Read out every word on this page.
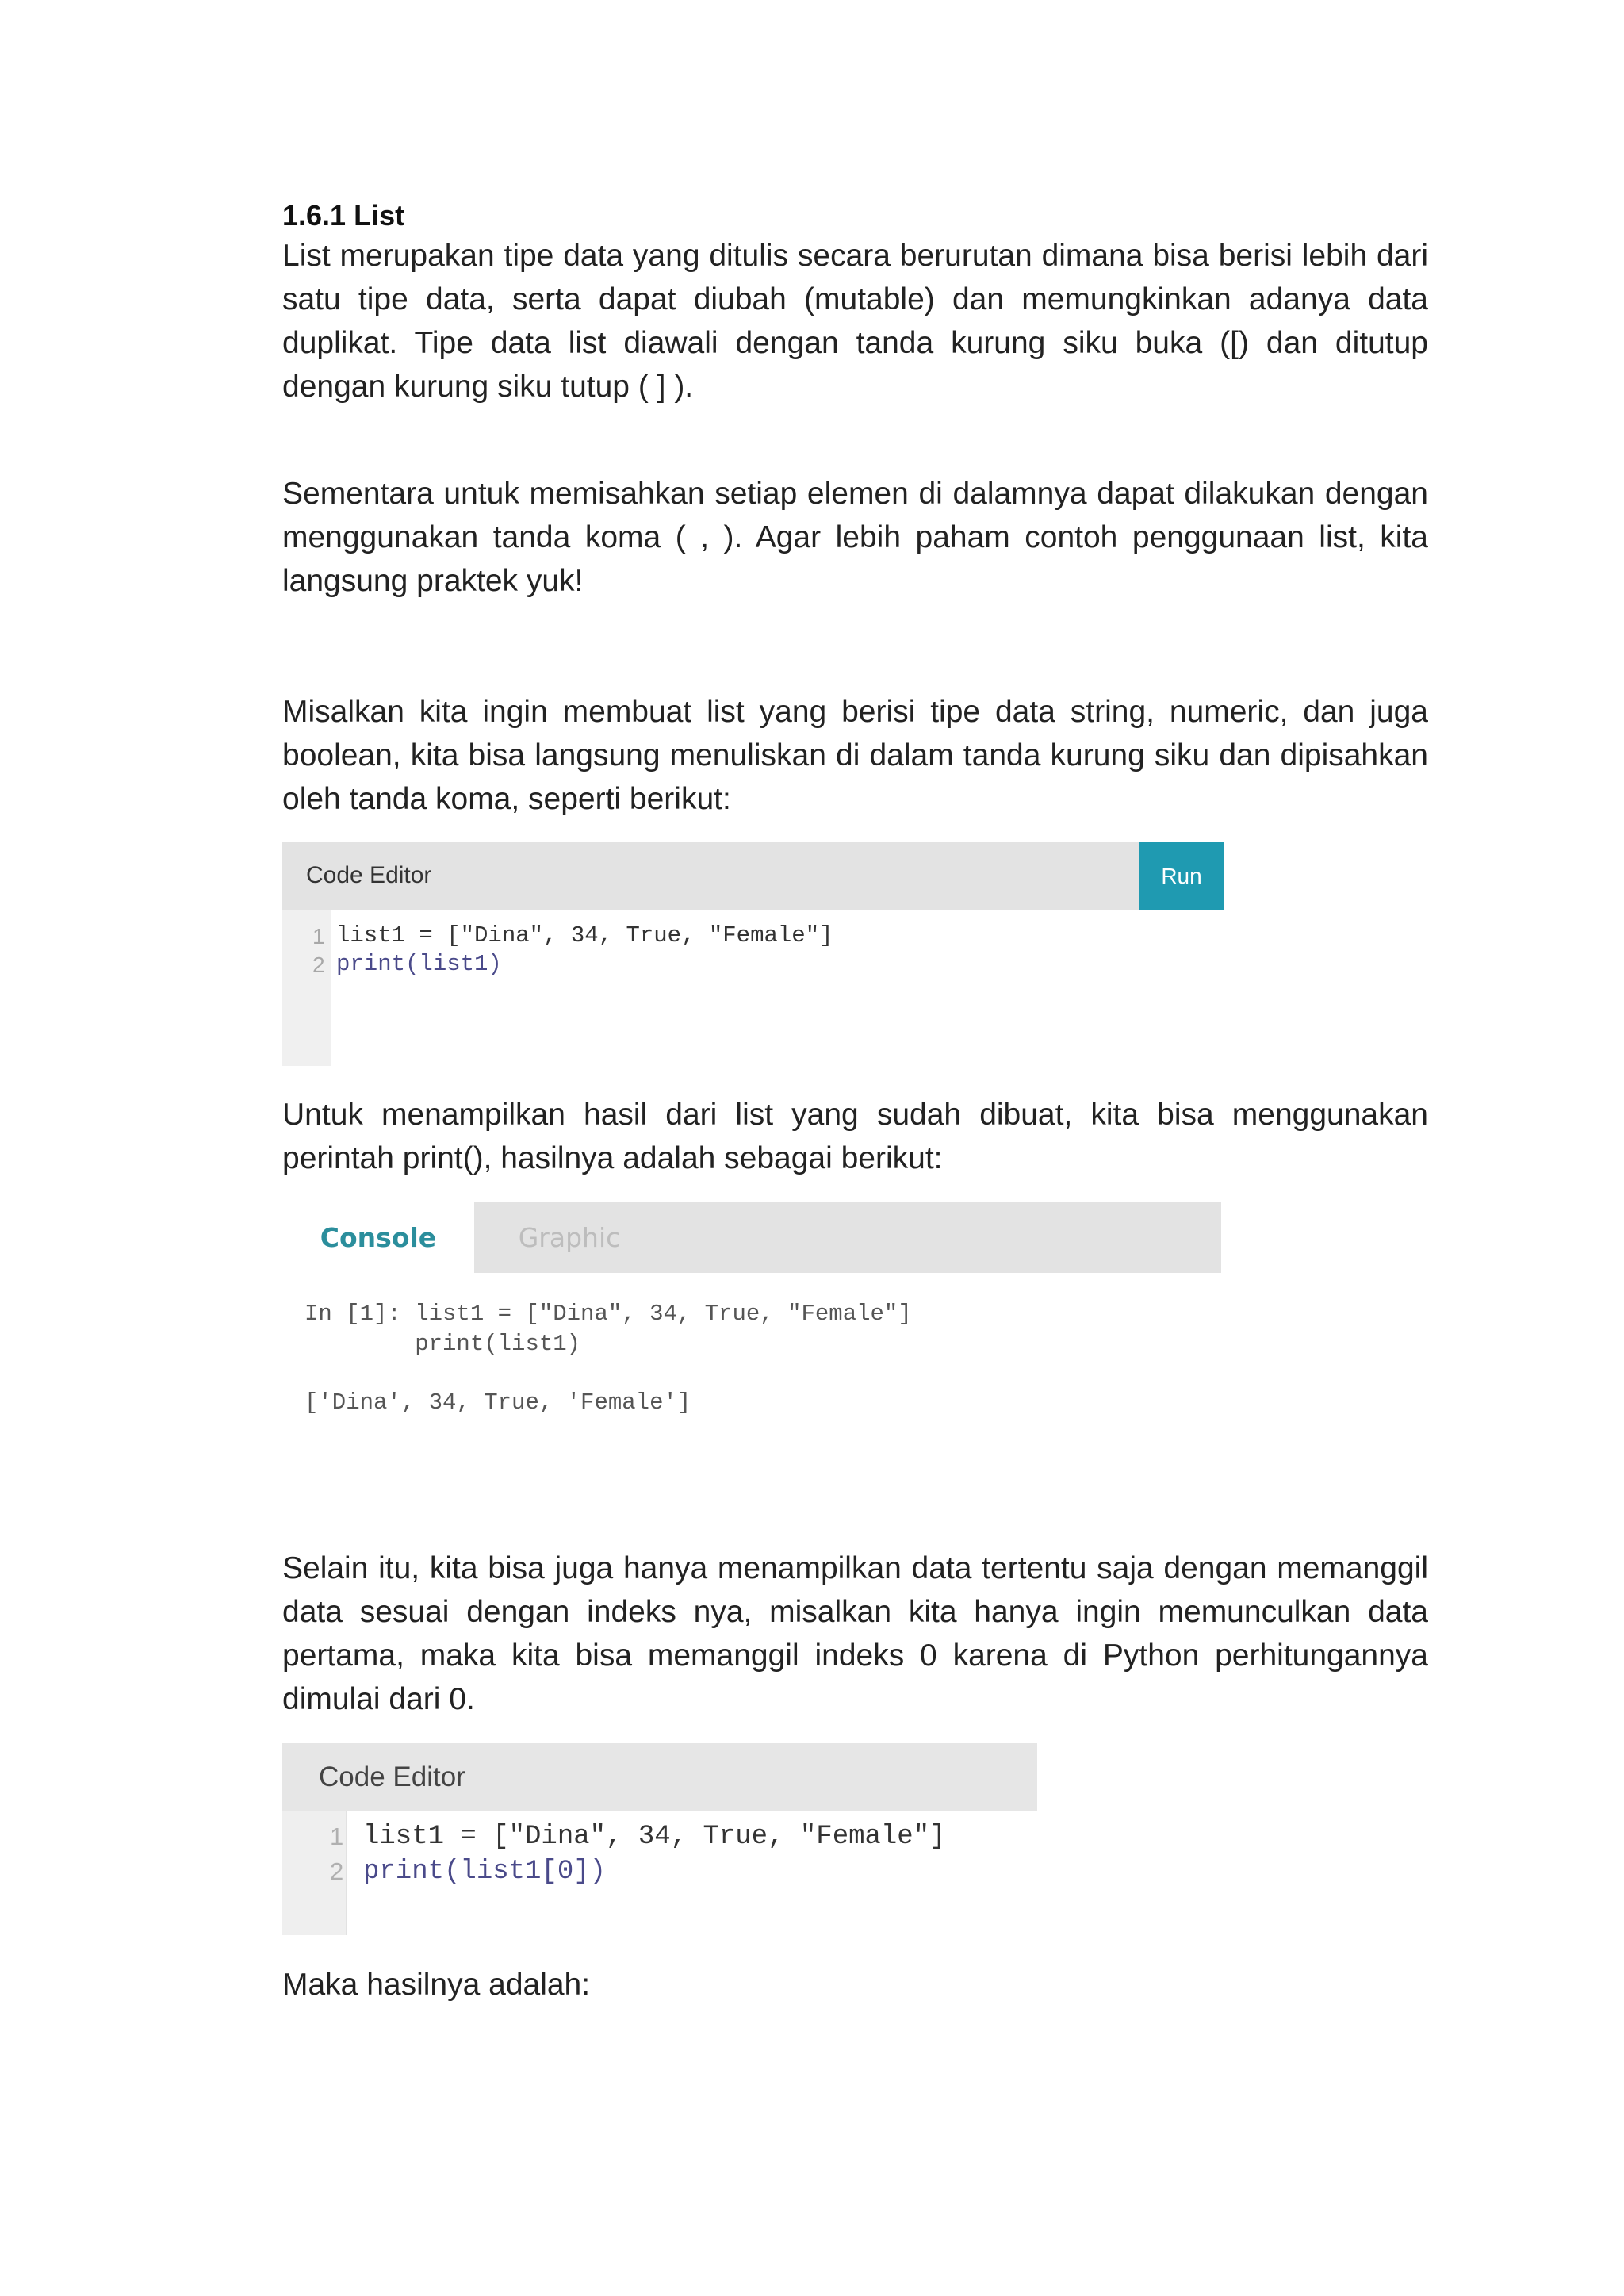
1.6.1 List

List merupakan tipe data yang ditulis secara berurutan dimana bisa berisi lebih dari satu tipe data, serta dapat diubah (mutable) dan memungkinkan adanya data duplikat. Tipe data list diawali dengan tanda kurung siku buka ([) dan ditutup dengan kurung siku tutup ( ] ).

Sementara untuk memisahkan setiap elemen di dalamnya dapat dilakukan dengan menggunakan tanda koma ( , ). Agar lebih paham contoh penggunaan list, kita langsung praktek yuk!

Misalkan kita ingin membuat list yang berisi tipe data string, numeric, dan juga boolean, kita bisa langsung menuliskan di dalam tanda kurung siku dan dipisahkan oleh tanda koma, seperti berikut:

Code Editor	Run
1
2
list1 = ["Dina", 34, True, "Female"]
print(list1)

Untuk menampilkan hasil dari list yang sudah dibuat, kita bisa menggunakan perintah print(), hasilnya adalah sebagai berikut:

Console	Graphic
In [1]: list1 = ["Dina", 34, True, "Female"]
print(list1)
['Dina', 34, True, 'Female']

Selain itu, kita bisa juga hanya menampilkan data tertentu saja dengan memanggil data sesuai dengan indeks nya, misalkan kita hanya ingin memunculkan data pertama, maka kita bisa memanggil indeks 0 karena di Python perhitungannya dimulai dari 0.

Code Editor
1
2
list1 = ["Dina", 34, True, "Female"]
print(list1[0])

Maka hasilnya adalah:
